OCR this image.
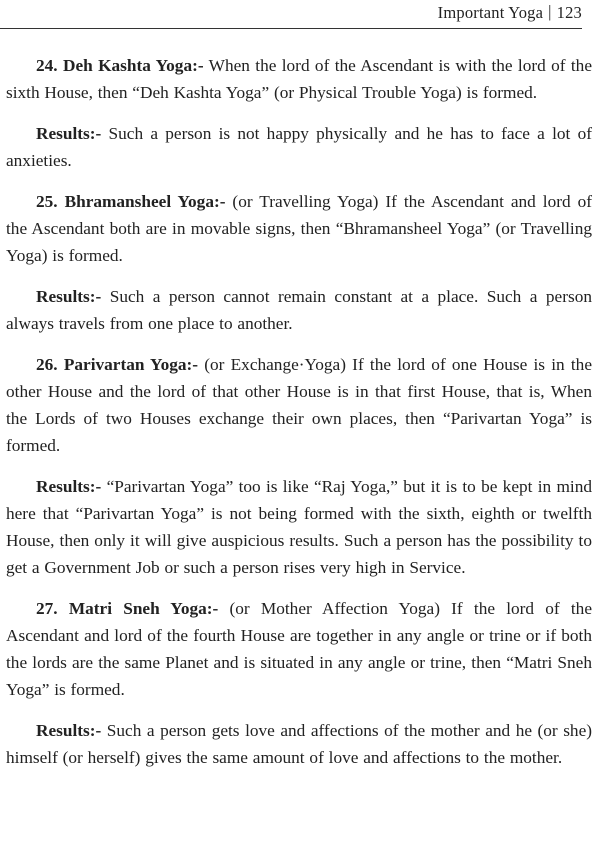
Important Yoga | 123

24. Deh Kashta Yoga:- When the lord of the Ascendant is with the lord of the sixth House, then “Deh Kashta Yoga” (or Physical Trouble Yoga) is formed.

Results:- Such a person is not happy physically and he has to face a lot of anxieties.

25. Bhramansheel Yoga:- (or Travelling Yoga) If the Ascendant and lord of the Ascendant both are in movable signs, then “Bhramansheel Yoga” (or Travelling Yoga) is formed.

Results:- Such a person cannot remain constant at a place. Such a person always travels from one place to another.

26. Parivartan Yoga:- (or Exchange·Yoga) If the lord of one House is in the other House and the lord of that other House is in that first House, that is, When the Lords of two Houses exchange their own places, then “Parivartan Yoga” is formed.

Results:- “Parivartan Yoga” too is like “Raj Yoga,” but it is to be kept in mind here that “Parivartan Yoga” is not being formed with the sixth, eighth or twelfth House, then only it will give auspicious results. Such a person has the possibility to get a Government Job or such a person rises very high in Service.

27. Matri Sneh Yoga:- (or Mother Affection Yoga) If the lord of the Ascendant and lord of the fourth House are together in any angle or trine or if both the lords are the same Planet and is situated in any angle or trine, then “Matri Sneh Yoga” is formed.

Results:- Such a person gets love and affections of the mother and he (or she) himself (or herself) gives the same amount of love and affections to the mother.
